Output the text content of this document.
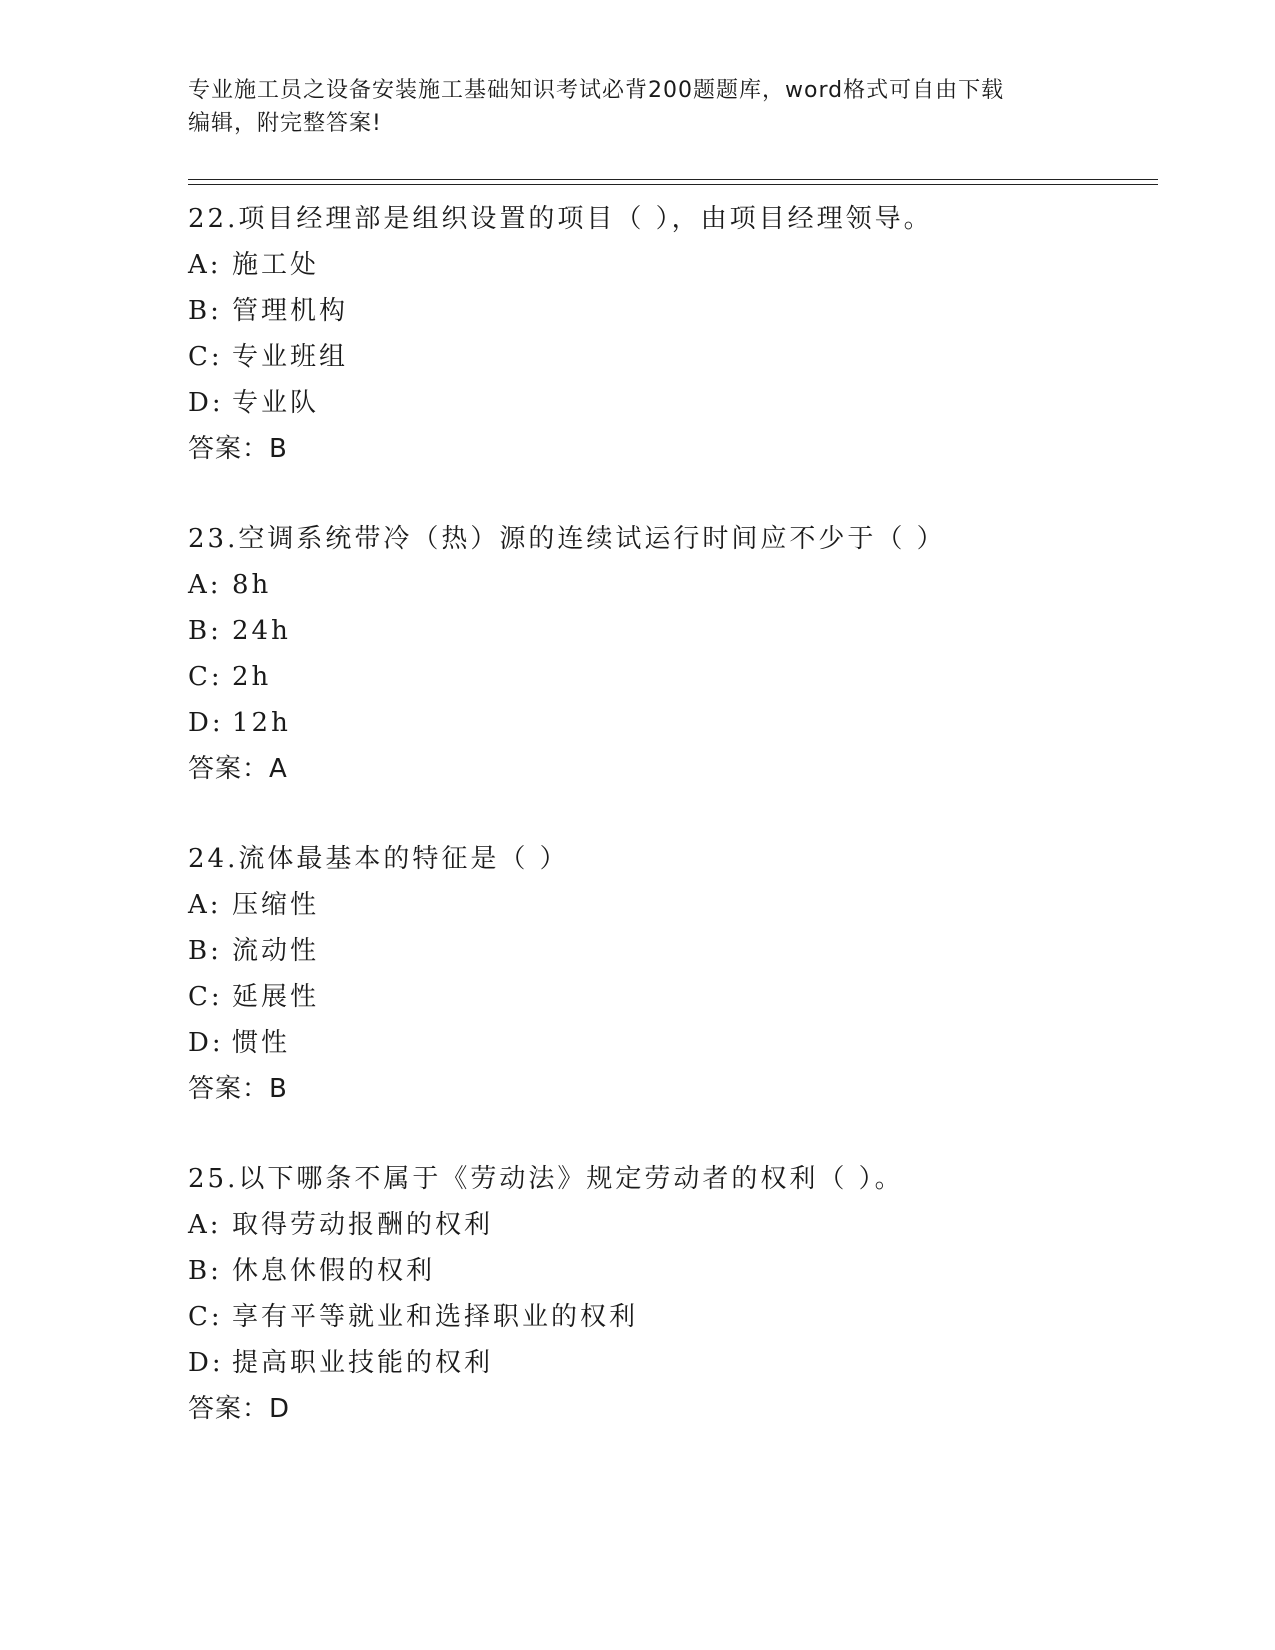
专业施工员之设备安装施工基础知识考试必背200题题库，word格式可自由下载
编辑，附完整答案!
22.项目经理部是组织设置的项目（ ），由项目经理领导。
A: 施工处
B: 管理机构
C: 专业班组
D: 专业队
答案：B
23.空调系统带冷（热）源的连续试运行时间应不少于（ ）
A: 8h
B: 24h
C: 2h
D: 12h
答案：A
24.流体最基本的特征是（ ）
A: 压缩性
B: 流动性
C: 延展性
D: 惯性
答案：B
25.以下哪条不属于《劳动法》规定劳动者的权利（ ）。
A: 取得劳动报酬的权利
B: 休息休假的权利
C: 享有平等就业和选择职业的权利
D: 提高职业技能的权利
答案：D
